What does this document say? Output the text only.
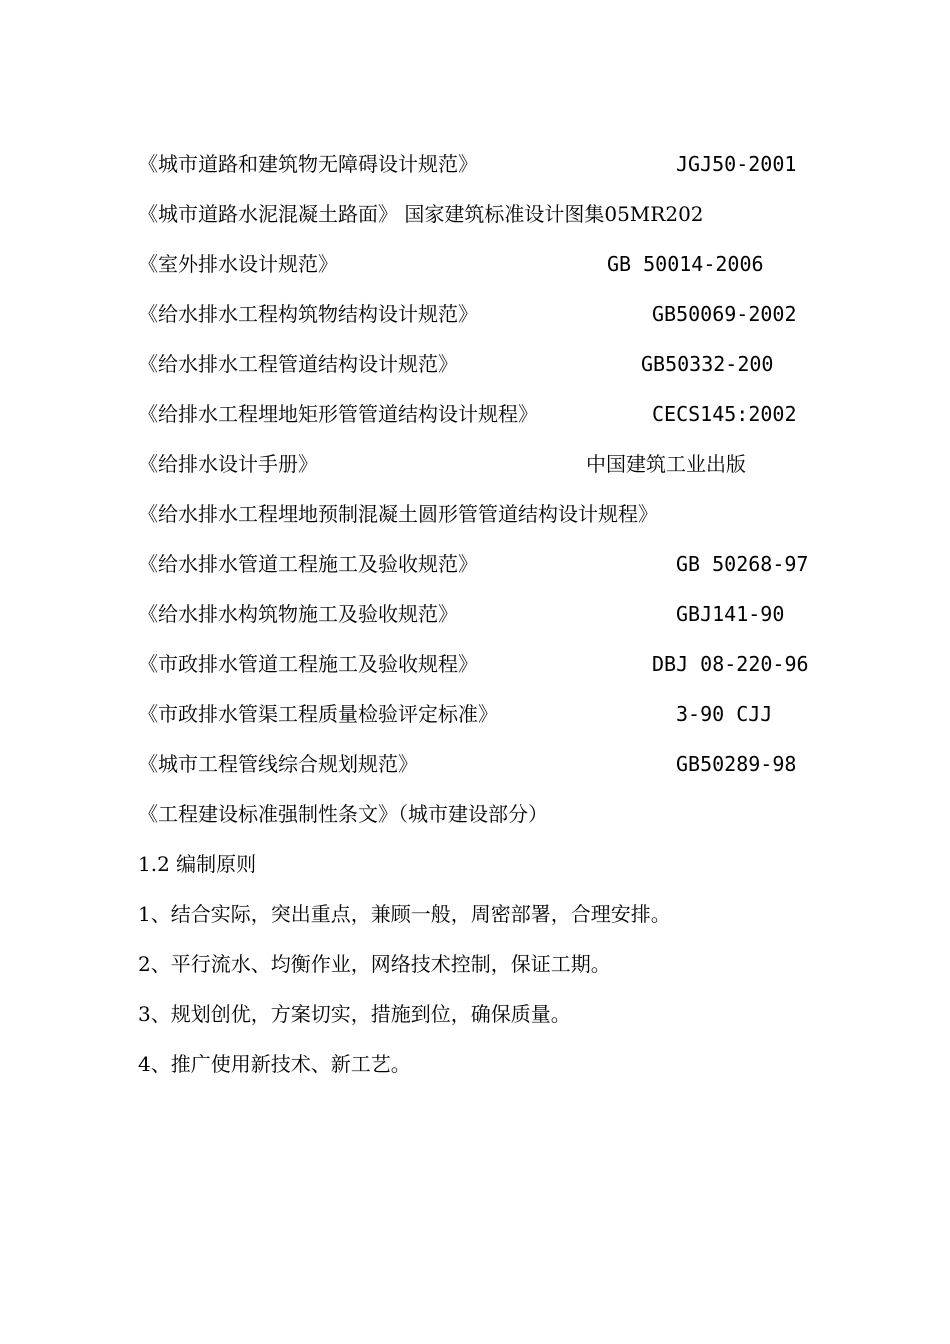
《城市道路和建筑物无障碍设计规范》	JGJ50-2001
《城市道路水泥混凝土路面》 国家建筑标准设计图集05MR202
《室外排水设计规范》	GB 50014-2006
《给水排水工程构筑物结构设计规范》	GB50069-2002
《给水排水工程管道结构设计规范》	GB50332-200
《给排水工程埋地矩形管管道结构设计规程》	CECS145:2002
《给排水设计手册》	中国建筑工业出版
《给水排水工程埋地预制混凝土圆形管管道结构设计规程》
《给水排水管道工程施工及验收规范》	GB 50268-97
《给水排水构筑物施工及验收规范》	GBJ141-90
《市政排水管道工程施工及验收规程》	DBJ 08-220-96
《市政排水管渠工程质量检验评定标准》	3-90 CJJ
《城市工程管线综合规划规范》	GB50289-98
《工程建设标准强制性条文》（城市建设部分）
1.2 编制原则
1、结合实际，突出重点，兼顾一般，周密部署，合理安排。
2、平行流水、均衡作业，网络技术控制，保证工期。
3、规划创优，方案切实，措施到位，确保质量。
4、推广使用新技术、新工艺。
